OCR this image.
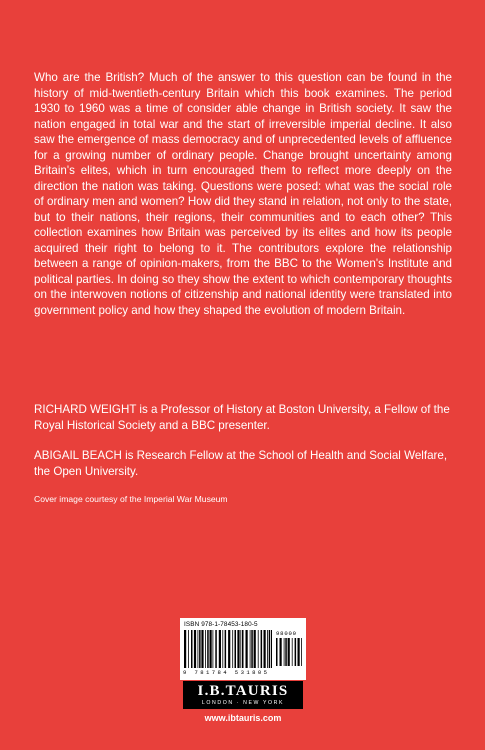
Who are the British? Much of the answer to this question can be found in the history of mid-twentieth-century Britain which this book examines. The period 1930 to 1960 was a time of consider able change in British society. It saw the nation engaged in total war and the start of irreversible imperial decline. It also saw the emergence of mass democracy and of unprecedented levels of affluence for a growing number of ordinary people. Change brought uncertainty among Britain's elites, which in turn encouraged them to reflect more deeply on the direction the nation was taking. Questions were posed: what was the social role of ordinary men and women? How did they stand in relation, not only to the state, but to their nations, their regions, their communities and to each other? This collection examines how Britain was perceived by its elites and how its people acquired their right to belong to it. The contributors explore the relationship between a range of opinion-makers, from the BBC to the Women's Institute and political parties. In doing so they show the extent to which contemporary thoughts on the interwoven notions of citizenship and national identity were translated into government policy and how they shaped the evolution of modern Britain.

RICHARD WEIGHT is a Professor of History at Boston University, a Fellow of the Royal Historical Society and a BBC presenter.

ABIGAIL BEACH is Research Fellow at the School of Health and Social Welfare, the Open University.

Cover image courtesy of the Imperial War Museum

ISBN 978-1-78453-180-5
98000
9 781784 531805
I.B.TAURIS
LONDON · NEW YORK
www.ibtauris.com
